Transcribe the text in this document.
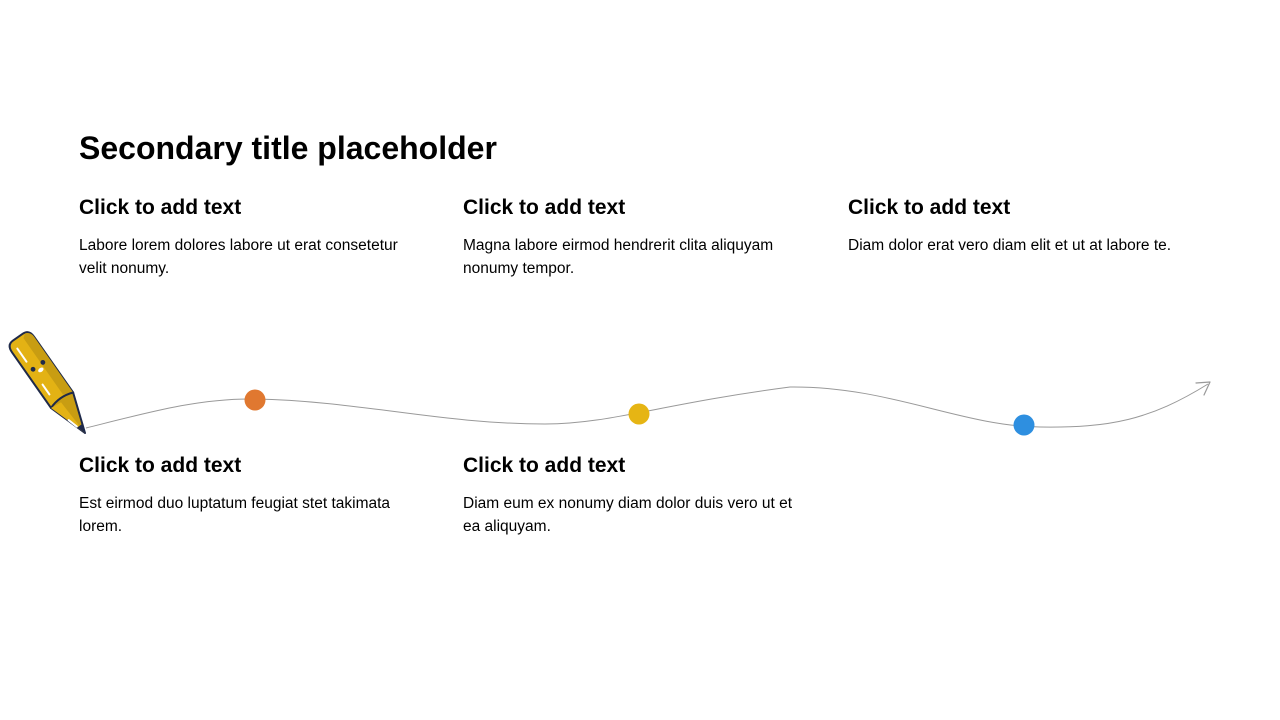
Secondary title placeholder
Click to add text

Labore lorem dolores labore ut erat consetetur velit nonumy.

Click to add text

Magna labore eirmod hendrerit clita aliquyam nonumy tempor.

Click to add text

Diam dolor erat vero diam elit et ut at labore te.

Click to add text

Est eirmod duo luptatum feugiat stet takimata lorem.

Click to add text

Diam eum ex nonumy diam dolor duis vero ut et ea aliquyam.
